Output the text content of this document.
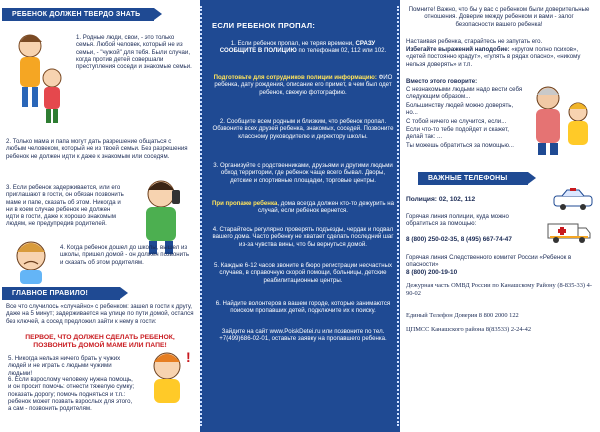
РЕБЕНОК ДОЛЖЕН ТВЕРДО ЗНАТЬ
1. Родные люди, свои, - это только семья. Любой человек, который не из семьи, - "чужой" для тебя. Были случаи, когда против детей совершали преступления соседи и знакомые семьи.
2. Только мама и папа могут дать разрешение общаться с любым человеком, который не из твоей семьи. Без разрешения ребенок не должен идти к даже к знакомым или соседям.
3. Если ребенок задерживается, или его приглашают в гости, он обязан позвонить маме и папе, сказать об этом. Никогда и ни в коем случае ребенок не должен идти в гости, даже к хорошо знакомым людям, не предупредив родителей.
4. Когда ребенок дошел до школы, вышел из школы, пришел домой - он должен позвонить и сказать об этом родителям.
ГЛАВНОЕ ПРАВИЛО!
Все что случилось «случайно» с ребенком: зашел в гости к другу, даже на 5 минут; задерживается на улице по пути домой, остался без ключей, а сосед предложил зайти к нему в гости:
ПЕРВОЕ, ЧТО ДОЛЖЕН СДЕЛАТЬ РЕБЕНОК, ПОЗВОНИТЬ ДОМОЙ МАМЕ ИЛИ ПАПЕ!
5. Никогда нельзя ничего брать у чужих людей и не играть с людьми чужими людьми!
!
6. Если взрослому человеку нужна помощь, и он просит помочь: отнести тяжелую сумку; показать дорогу; помочь подняться и т.п.: ребенок может позвать взрослых для этого, а сам - позвонить родителям.
ЕСЛИ РЕБЕНОК ПРОПАЛ:
1. Если ребенок пропал, не теряя времени, СРАЗУ СООБЩИТЕ В ПОЛИЦИЮ по телефонам 02, 112 или 102.
Подготовьте для сотрудников полиции информацию: ФИО ребенка, дату рождения, описание его примет, в чем был одет ребенок, свежую фотографию.
2. Сообщите всем родным и близким, что ребенок пропал. Обзвоните всех друзей ребенка, знакомых, соседей. Позвоните классному руководителю и директору школы.
3. Организуйте с родственниками, друзьями и другими людьми обход территории, где ребенок чаще всего бывал. Дворы, детские и спортивные площадки, торговые центры.
При пропаже ребенка, дома всегда должен кто-то дежурить на случай, если ребенок вернется.
4. Старайтесь регулярно проверять подъезды, чердак и подвал вашего дома. Часто ребенку не хватает сделать последний шаг из-за чувства вины, что бы вернуться домой.
5. Каждые 6-12 часов звоните в бюро регистрации несчастных случаев, в справочную скорой помощи, больницы, детские реабилитационные центры.
6. Найдите волонтеров в вашем городе, которые занимаются поиском пропавших детей, подключите их к поиску.
Зайдите на сайт www.PoiskDetei.ru или позвоните по тел. +7(499)686-02-01, оставьте заявку на пропавшего ребенка.
Помните! Важно, что бы у вас с ребенком были доверительные отношения. Доверие между ребенком и вами - залог безопасности вашего ребенка!
Настаивая ребенка, старайтесь не запугать его.
Избегайте выражений наподобие: «кругом полно психов», «детей постоянно крадут», «гулять в рядах опасно», «никому нельзя доверять» и т.п.
Вместо этого говорите:
С незнакомыми людьми надо вести себя следующим образом...
Большинству людей можно доверять, но...
С тобой ничего не случится, если...
Если что-то тебе подойдет и скажет, делай так: ...
Ты можешь обратиться за помощью...
ВАЖНЫЕ ТЕЛЕФОНЫ
Полиция: 02, 102, 112
Горячая линия полиции, куда можно обратиться за помощью:
8 (800) 250-02-35, 8 (495) 667-74-47
Горячая линия Следственного комитет России «Ребенок в опасности»
8 (800) 200-19-10
Дежурная часть ОМВД России по Канашскому Району (8-835-33) 4-90-02
Единый Телефон Доверия 8 800 2000 122
ЦПМСС Канашского района 8(83533) 2-24-42
